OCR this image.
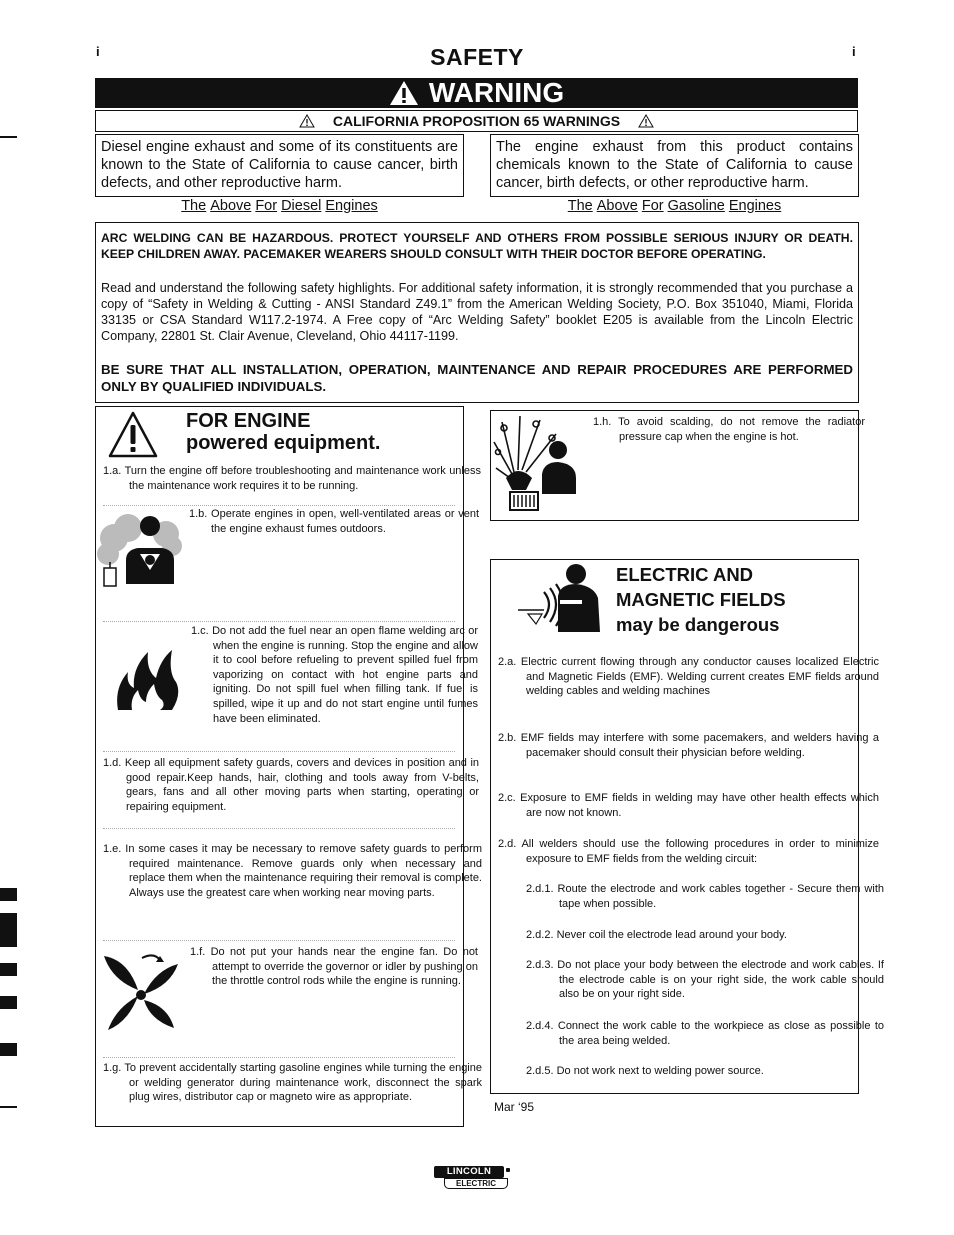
i	i
SAFETY
WARNING
CALIFORNIA PROPOSITION 65 WARNINGS
Diesel engine exhaust and some of its constituents are known to the State of California to cause cancer, birth defects, and other reproductive harm.
The engine exhaust from this product contains chemicals known to the State of California to cause cancer, birth defects, or other reproductive harm.
The Above For Diesel Engines	The Above For Gasoline Engines

ARC WELDING CAN BE HAZARDOUS. PROTECT YOURSELF AND OTHERS FROM POSSIBLE SERIOUS INJURY OR DEATH. KEEP CHILDREN AWAY. PACEMAKER WEARERS SHOULD CONSULT WITH THEIR DOCTOR BEFORE OPERATING.

Read and understand the following safety highlights. For additional safety information, it is strongly recommended that you purchase a copy of “Safety in Welding & Cutting - ANSI Standard Z49.1” from the American Welding Society, P.O. Box 351040, Miami, Florida 33135 or CSA Standard W117.2-1974. A Free copy of “Arc Welding Safety” booklet E205 is available from the Lincoln Electric Company, 22801 St. Clair Avenue, Cleveland, Ohio 44117-1199.

BE SURE THAT ALL INSTALLATION, OPERATION, MAINTENANCE AND REPAIR PROCEDURES ARE PERFORMED ONLY BY QUALIFIED INDIVIDUALS.

FOR ENGINE
powered equipment.
1.a. Turn the engine off before troubleshooting and maintenance work unless the maintenance work requires it to be running.
1.b. Operate engines in open, well-ventilated areas or vent the engine exhaust fumes outdoors.
1.c. Do not add the fuel near an open flame welding arc or when the engine is running. Stop the engine and allow it to cool before refueling to prevent spilled fuel from vaporizing on contact with hot engine parts and igniting. Do not spill fuel when filling tank. If fuel is spilled, wipe it up and do not start engine until fumes have been eliminated.
1.d. Keep all equipment safety guards, covers and devices in position and in good repair.Keep hands, hair, clothing and tools away from V-belts, gears, fans and all other moving parts when starting, operating or repairing equipment.
1.e. In some cases it may be necessary to remove safety guards to perform required maintenance. Remove guards only when necessary and replace them when the maintenance requiring their removal is complete. Always use the greatest care when working near moving parts.
1.f. Do not put your hands near the engine fan. Do not attempt to override the governor or idler by pushing on the throttle control rods while the engine is running.
1.g. To prevent accidentally starting gasoline engines while turning the engine or welding generator during maintenance work, disconnect the spark plug wires, distributor cap or magneto wire as appropriate.
1.h. To avoid scalding, do not remove the radiator pressure cap when the engine is hot.
ELECTRIC AND
MAGNETIC FIELDS
may be dangerous
2.a. Electric current flowing through any conductor causes localized Electric and Magnetic Fields (EMF). Welding current creates EMF fields around welding cables and welding machines
2.b. EMF fields may interfere with some pacemakers, and welders having a pacemaker should consult their physician before welding.
2.c. Exposure to EMF fields in welding may have other health effects which are now not known.
2.d. All welders should use the following procedures in order to minimize exposure to EMF fields from the welding circuit:
2.d.1. Route the electrode and work cables together - Secure them with tape when possible.
2.d.2. Never coil the electrode lead around your body.
2.d.3. Do not place your body between the electrode and work cables. If the electrode cable is on your right side, the work cable should also be on your right side.
2.d.4. Connect the work cable to the workpiece as close as possible to the area being welded.
2.d.5. Do not work next to welding power source.
Mar ‘95
LINCOLN
ELECTRIC
